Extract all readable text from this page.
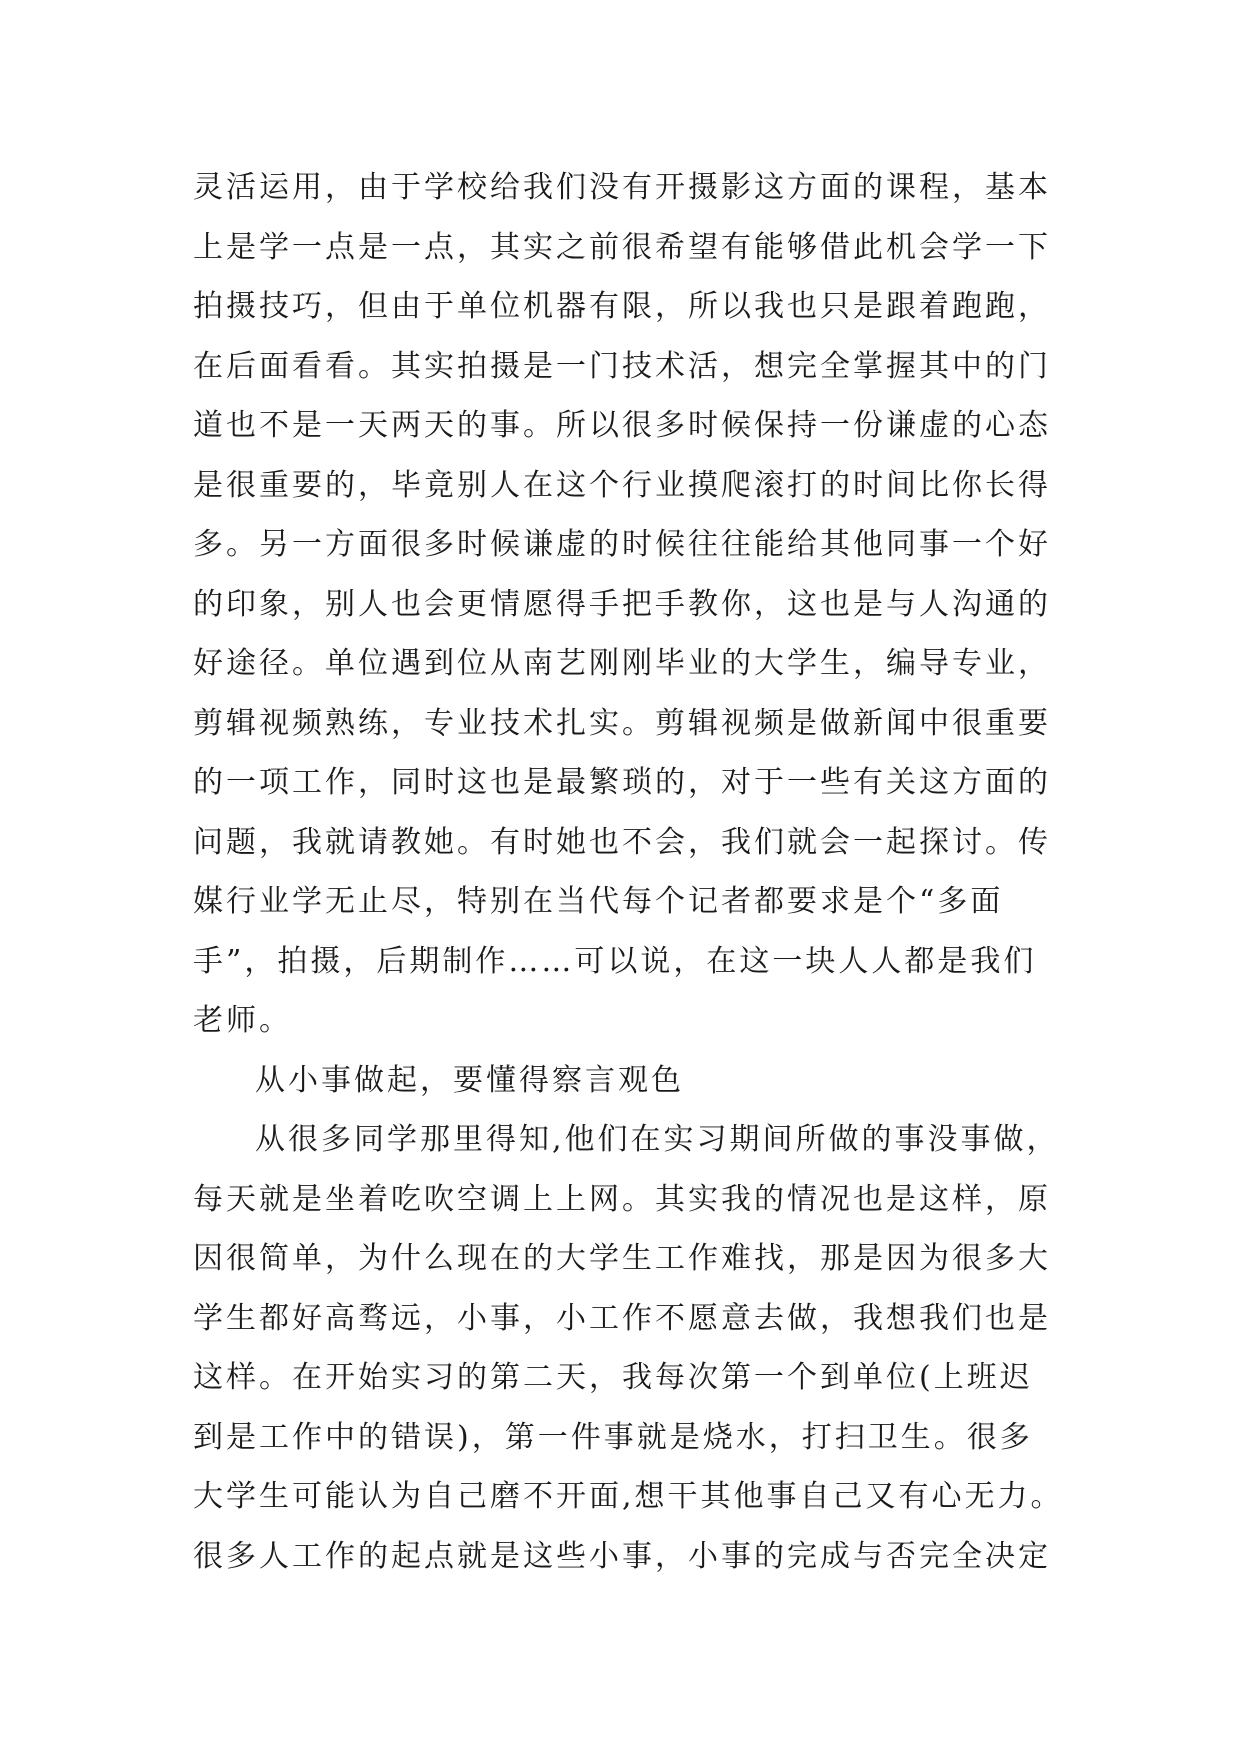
灵活运用，由于学校给我们没有开摄影这方面的课程，基本
上是学一点是一点，其实之前很希望有能够借此机会学一下
拍摄技巧，但由于单位机器有限，所以我也只是跟着跑跑，
在后面看看。其实拍摄是一门技术活，想完全掌握其中的门
道也不是一天两天的事。所以很多时候保持一份谦虚的心态
是很重要的，毕竟别人在这个行业摸爬滚打的时间比你长得
多。另一方面很多时候谦虚的时候往往能给其他同事一个好
的印象，别人也会更情愿得手把手教你，这也是与人沟通的
好途径。单位遇到位从南艺刚刚毕业的大学生，编导专业，
剪辑视频熟练，专业技术扎实。剪辑视频是做新闻中很重要
的一项工作，同时这也是最繁琐的，对于一些有关这方面的
问题，我就请教她。有时她也不会，我们就会一起探讨。传
媒行业学无止尽，特别在当代每个记者都要求是个“多面
手”，拍摄，后期制作……可以说，在这一块人人都是我们
老师。
从小事做起，要懂得察言观色
从很多同学那里得知,他们在实习期间所做的事没事做，
每天就是坐着吃吹空调上上网。其实我的情况也是这样，原
因很简单，为什么现在的大学生工作难找，那是因为很多大
学生都好高骛远，小事，小工作不愿意去做，我想我们也是
这样。在开始实习的第二天，我每次第一个到单位(上班迟
到是工作中的错误)，第一件事就是烧水，打扫卫生。很多
大学生可能认为自己磨不开面,想干其他事自己又有心无力。
很多人工作的起点就是这些小事，小事的完成与否完全决定
